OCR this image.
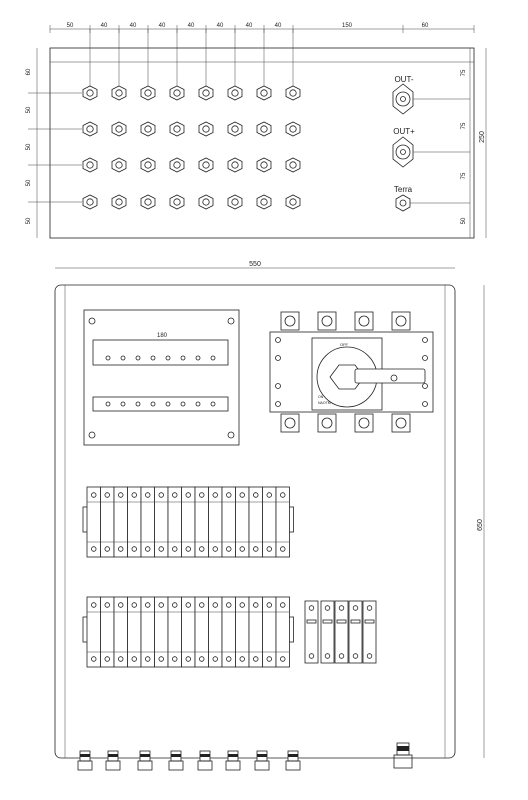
50	40	40	40	40	40	40	40	150	60
60
50
50
50
50
75
75
75
50
250
OUT-
OUT+
Terra
550
650
180
OFF
ON
NAOTM
